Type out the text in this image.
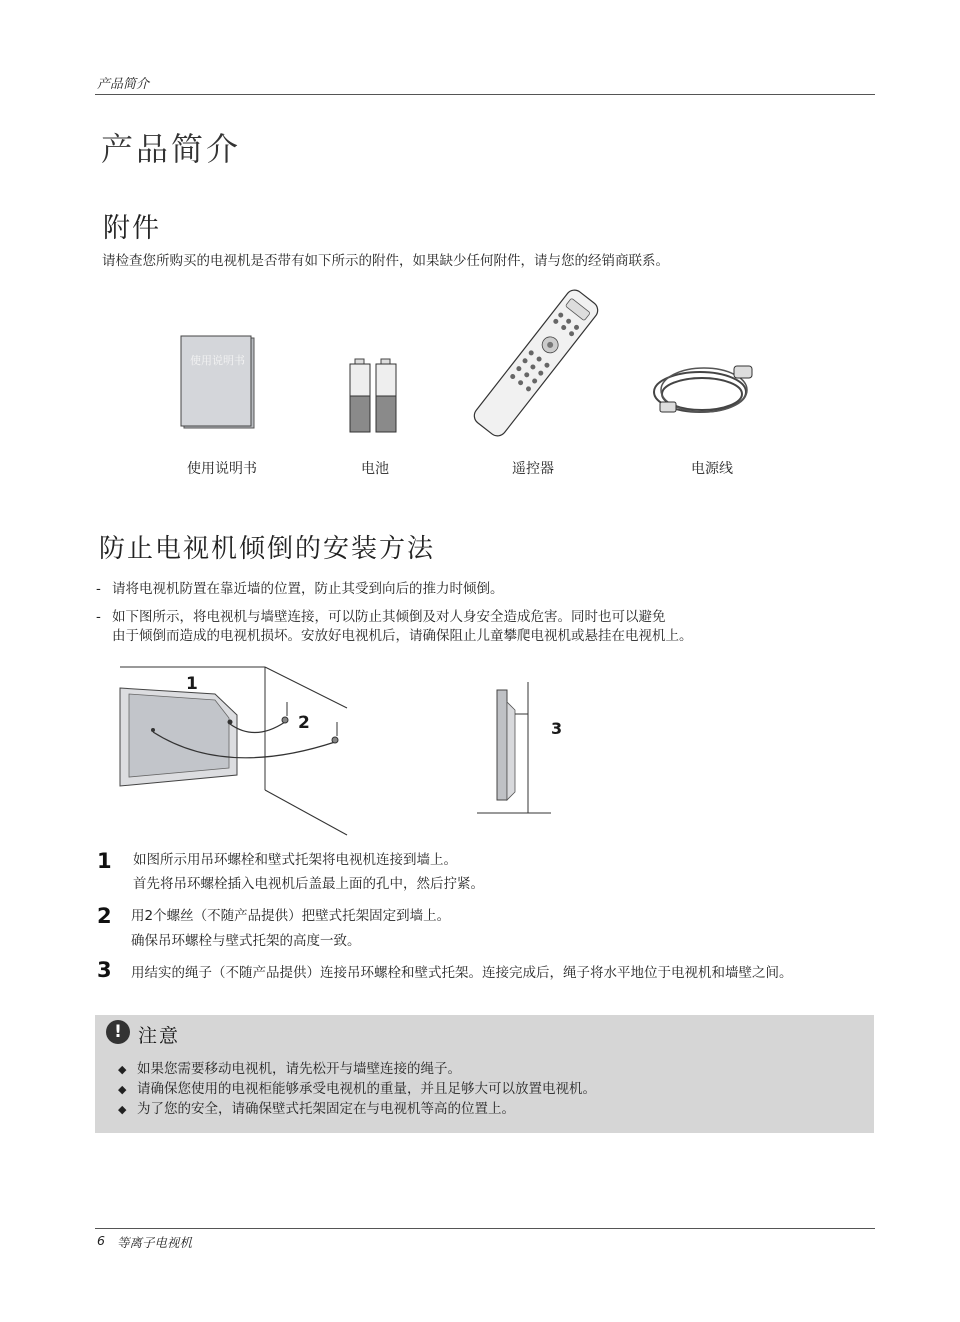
产品简介
产品简介
附件
请检查您所购买的电视机是否带有如下所示的附件，如果缺少任何附件，请与您的经销商联系。
使用说明书
使用说明书	电池	遥控器	电源线
防止电视机倾倒的安装方法
- 请将电视机防置在靠近墙的位置，防止其受到向后的推力时倾倒。
- 如下图所示，将电视机与墙壁连接，可以防止其倾倒及对人身安全造成危害。同时也可以避免
由于倾倒而造成的电视机损坏。安放好电视机后，请确保阻止儿童攀爬电视机或悬挂在电视机上。
1
2	3
1 如图所示用吊环螺栓和壁式托架将电视机连接到墙上。
首先将吊环螺栓插入电视机后盖最上面的孔中，然后拧紧。
2 用2个螺丝（不随产品提供）把壁式托架固定到墙上。
确保吊环螺栓与壁式托架的高度一致。
3 用结实的绳子（不随产品提供）连接吊环螺栓和壁式托架。连接完成后，绳子将水平地位于电视机和墙壁之间。
! 注意
◆ 如果您需要移动电视机，请先松开与墙壁连接的绳子。
◆ 请确保您使用的电视柜能够承受电视机的重量，并且足够大可以放置电视机。
◆ 为了您的安全，请确保壁式托架固定在与电视机等高的位置上。
6 等离子电视机
